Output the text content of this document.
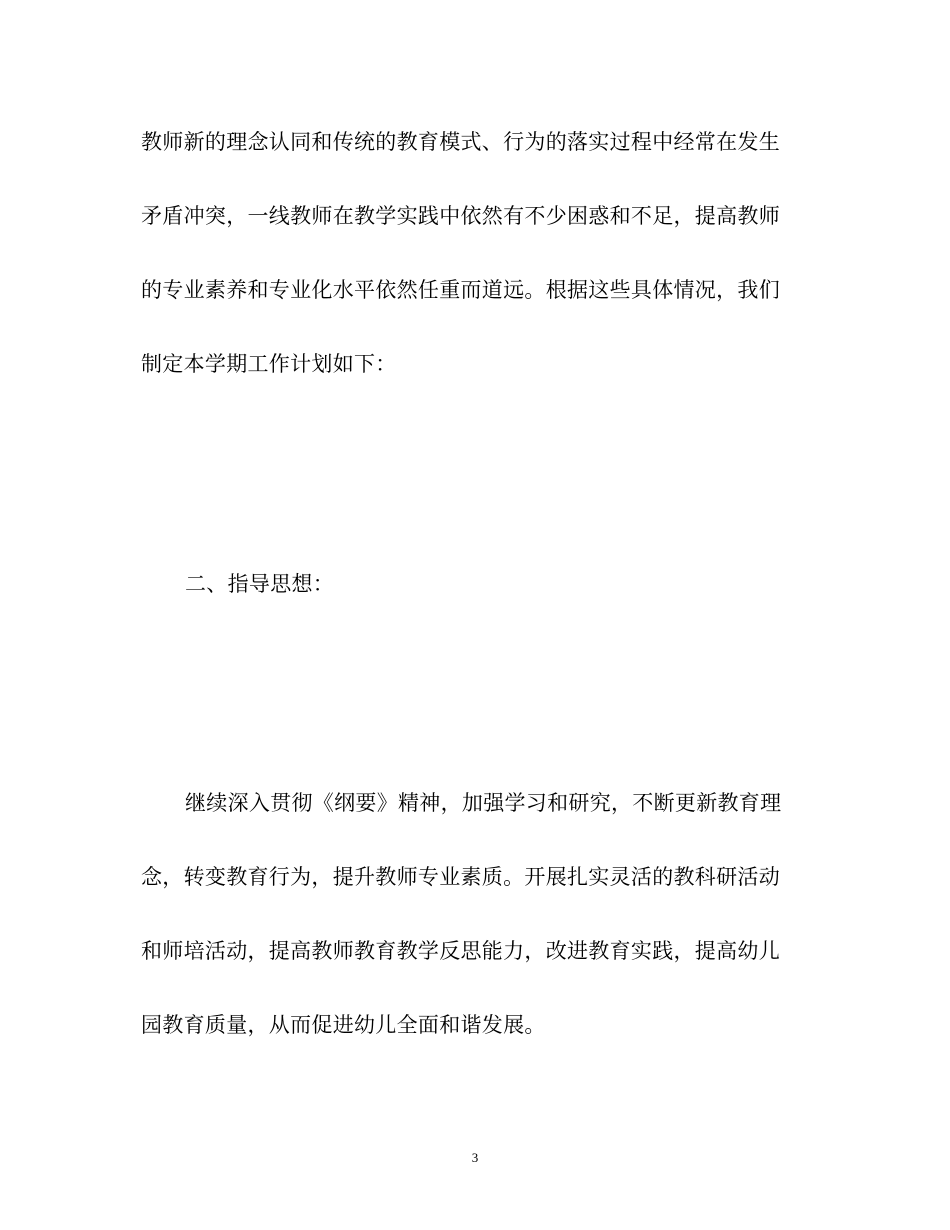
教师新的理念认同和传统的教育模式、行为的落实过程中经常在发生
矛盾冲突，一线教师在教学实践中依然有不少困惑和不足，提高教师
的专业素养和专业化水平依然任重而道远。根据这些具体情况，我们
制定本学期工作计划如下：
二、指导思想：
继续深入贯彻《纲要》精神，加强学习和研究，不断更新教育理
念，转变教育行为，提升教师专业素质。开展扎实灵活的教科研活动
和师培活动，提高教师教育教学反思能力，改进教育实践，提高幼儿
园教育质量，从而促进幼儿全面和谐发展。
3
